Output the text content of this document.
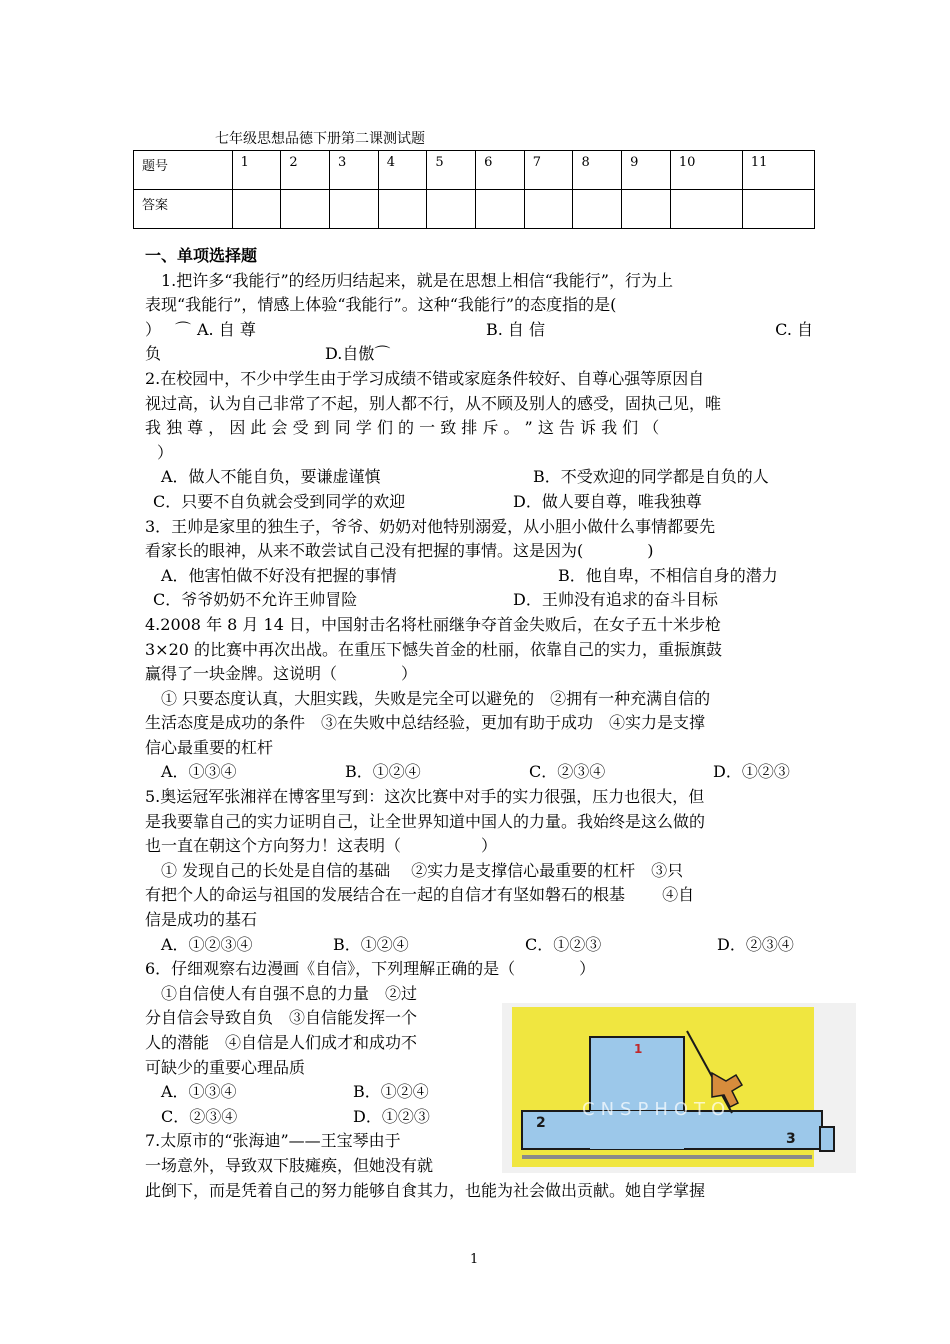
七年级思想品德下册第二课测试题
题号	1	2	3	4	5	6	7	8	9	10	11
答案											

一、单项选择题

1.把许多“我能行”的经历归结起来，就是在思想上相信“我能行”，行为上

表现“我能行”，情感上体验“我能行”。这种“我能行”的态度指的是(

） ⌒ A. 自 尊	B. 自 信	C. 自

负	D.自傲 ⌒

2.在校园中，不少中学生由于学习成绩不错或家庭条件较好、自尊心强等原因自

视过高，认为自己非常了不起，别人都不行，从不顾及别人的感受，固执己见，唯

我 独 尊 ， 因 此 会 受 到 同 学 们 的 一 致 排 斥 。 ” 这 告 诉 我 们 （

）

A．做人不能自负，要谦虚谨慎	B．不受欢迎的同学都是自负的人

C．只要不自负就会受到同学的欢迎	D．做人要自尊，唯我独尊

3．王帅是家里的独生子，爷爷、奶奶对他特别溺爱，从小胆小做什么事情都要先

看家长的眼神，从来不敢尝试自己没有把握的事情。这是因为(　　　　)

A．他害怕做不好没有把握的事情	B．他自卑，不相信自身的潜力

C．爷爷奶奶不允许王帅冒险	D．王帅没有追求的奋斗目标

4.2008 年 8 月 14 日，中国射击名将杜丽继争夺首金失败后，在女子五十米步枪

3×20 的比赛中再次出战。在重压下憾失首金的杜丽，依靠自己的实力，重振旗鼓

赢得了一块金牌。这说明（　　　　）

① 只要态度认真，大胆实践，失败是完全可以避免的　②拥有一种充满自信的

生活态度是成功的条件　③在失败中总结经验，更加有助于成功　④实力是支撑

信心最重要的杠杆

A．①③④	B．①②④	C．②③④	D．①②③

5.奥运冠军张湘祥在博客里写到：这次比赛中对手的实力很强，压力也很大，但

是我要靠自己的实力证明自己，让全世界知道中国人的力量。我始终是这么做的

也一直在朝这个方向努力！这表明（　　　　　）

① 发现自己的长处是自信的基础　 ②实力是支撑信心最重要的杠杆　③只

有把个人的命运与祖国的发展结合在一起的自信才有坚如磐石的根基　　 ④自

信是成功的基石

A．①②③④	B．①②④	C．①②③	D．②③④

6．仔细观察右边漫画《自信》，下列理解正确的是（　　　　）

①自信使人有自强不息的力量　②过

分自信会导致自负　③自信能发挥一个

人的潜能　④自信是人们成才和成功不

可缺少的重要心理品质

A．①③④	B．①②④

C．②③④	D．①②③

7.太原市的“张海迪”——王宝琴由于

一场意外，导致双下肢瘫痪，但她没有就

此倒下，而是凭着自己的努力能够自食其力，也能为社会做出贡献。她自学掌握

1
2
3
CNSPHOTO
1
